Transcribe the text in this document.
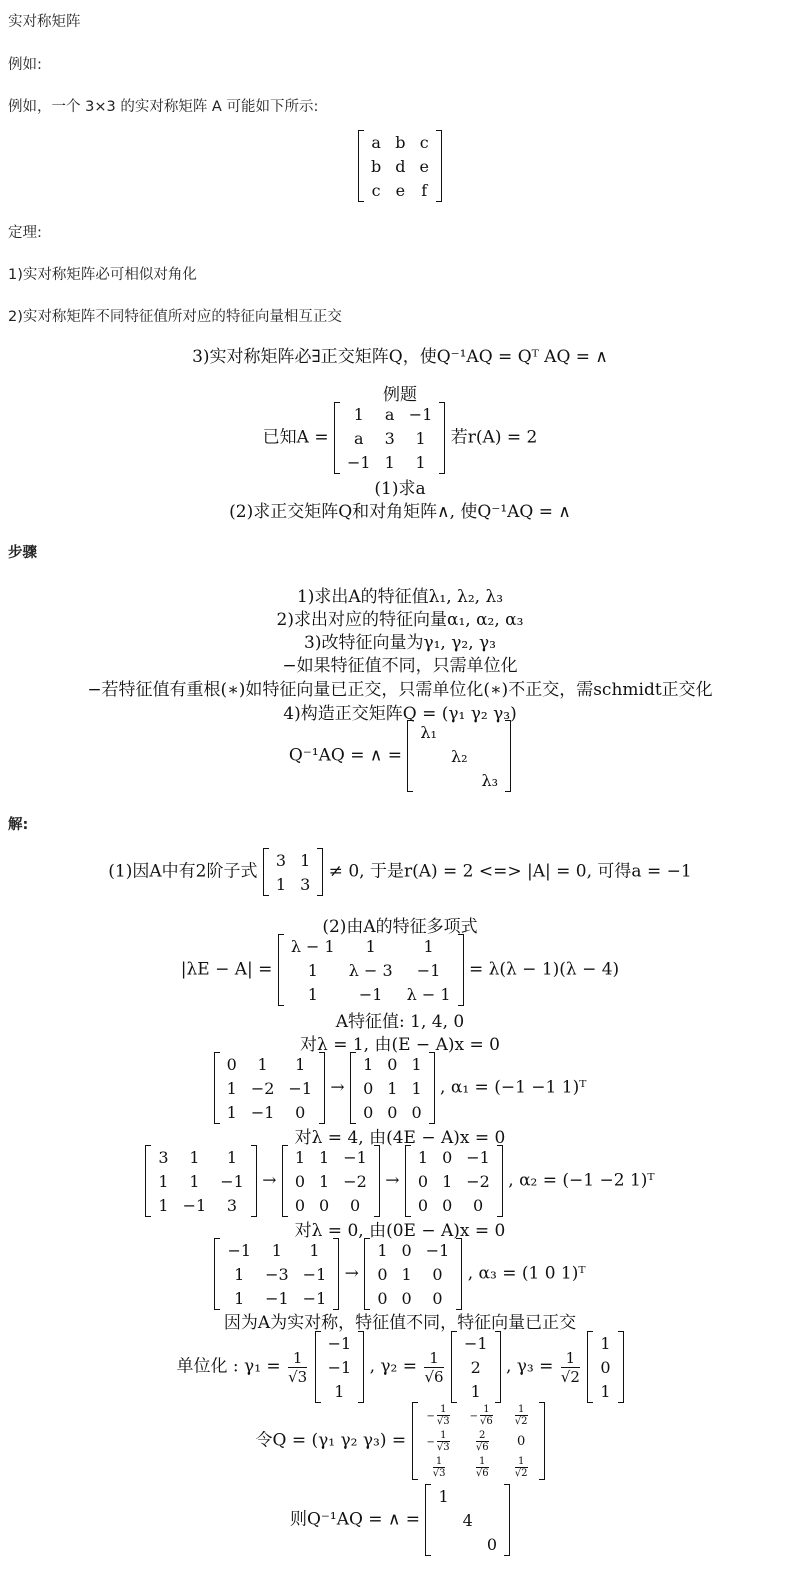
实对称矩阵
例如:
例如，一个 3×3 的实对称矩阵 A 可能如下所示:
a	b	c
b	d	e
c	e	f
定理:
1)实对称矩阵必可相似对角化
2)实对称矩阵不同特征值所对应的特征向量相互正交
3)实对称矩阵必∃正交矩阵Q，使Q⁻¹AQ = Qᵀ AQ = ∧
例题
已知A =
1	a	−1
a	3	1
−1	1	1
若r(A) = 2
(1)求a
(2)求正交矩阵Q和对角矩阵∧, 使Q⁻¹AQ = ∧
步骤
1)求出A的特征值λ₁, λ₂, λ₃
2)求出对应的特征向量α₁, α₂, α₃
3)改特征向量为γ₁, γ₂, γ₃
−如果特征值不同，只需单位化
−若特征值有重根(∗)如特征向量已正交，只需单位化(∗)不正交，需schmidt正交化
4)构造正交矩阵Q = (γ₁ γ₂ γ₃)
Q⁻¹AQ = ∧ =
λ₁		
	λ₂	
		λ₃
解:
(1)因A中有2阶子式
3	1
1	3
≠ 0, 于是r(A) = 2 <=> |A| = 0, 可得a = −1
(2)由A的特征多项式
|λE − A| =
λ − 1	1	1
1	λ − 3	−1
1	−1	λ − 1
= λ(λ − 1)(λ − 4)
A特征值: 1, 4, 0
对λ = 1, 由(E − A)x = 0
0	1	1
1	−2	−1
1	−1	0
→
1	0	1
0	1	1
0	0	0
, α₁ = (−1 −1 1)ᵀ
对λ = 4, 由(4E − A)x = 0
3	1	1
1	1	−1
1	−1	3
→
1	1	−1
0	1	−2
0	0	0
→
1	0	−1
0	1	−2
0	0	0
, α₂ = (−1 −2 1)ᵀ
对λ = 0, 由(0E − A)x = 0
−1	1	1
1	−3	−1
1	−1	−1
→
1	0	−1
0	1	0
0	0	0
, α₃ = (1 0 1)ᵀ
因为A为实对称，特征值不同，特征向量已正交
单位化 : $\gamma_1 = \frac{1}{√3}$

−1
−1
1
, $\gamma_2 = \frac{1}{√6}$

−1
2
1
, $\gamma_3 = \frac{1}{√2}$

1
0
1
令Q = (γ₁ γ₂ γ₃) =
− $\frac{1}{√3}$	− $\frac{1}{√6}$	$\frac{1}{√2}$

− $\frac{1}{√3}$	$\frac{2}{√6}$	0

$\frac{1}{√3}$	$\frac{1}{√6}$	$\frac{1}{√2}$
则Q⁻¹AQ = ∧ =
1		
	4	
		0
